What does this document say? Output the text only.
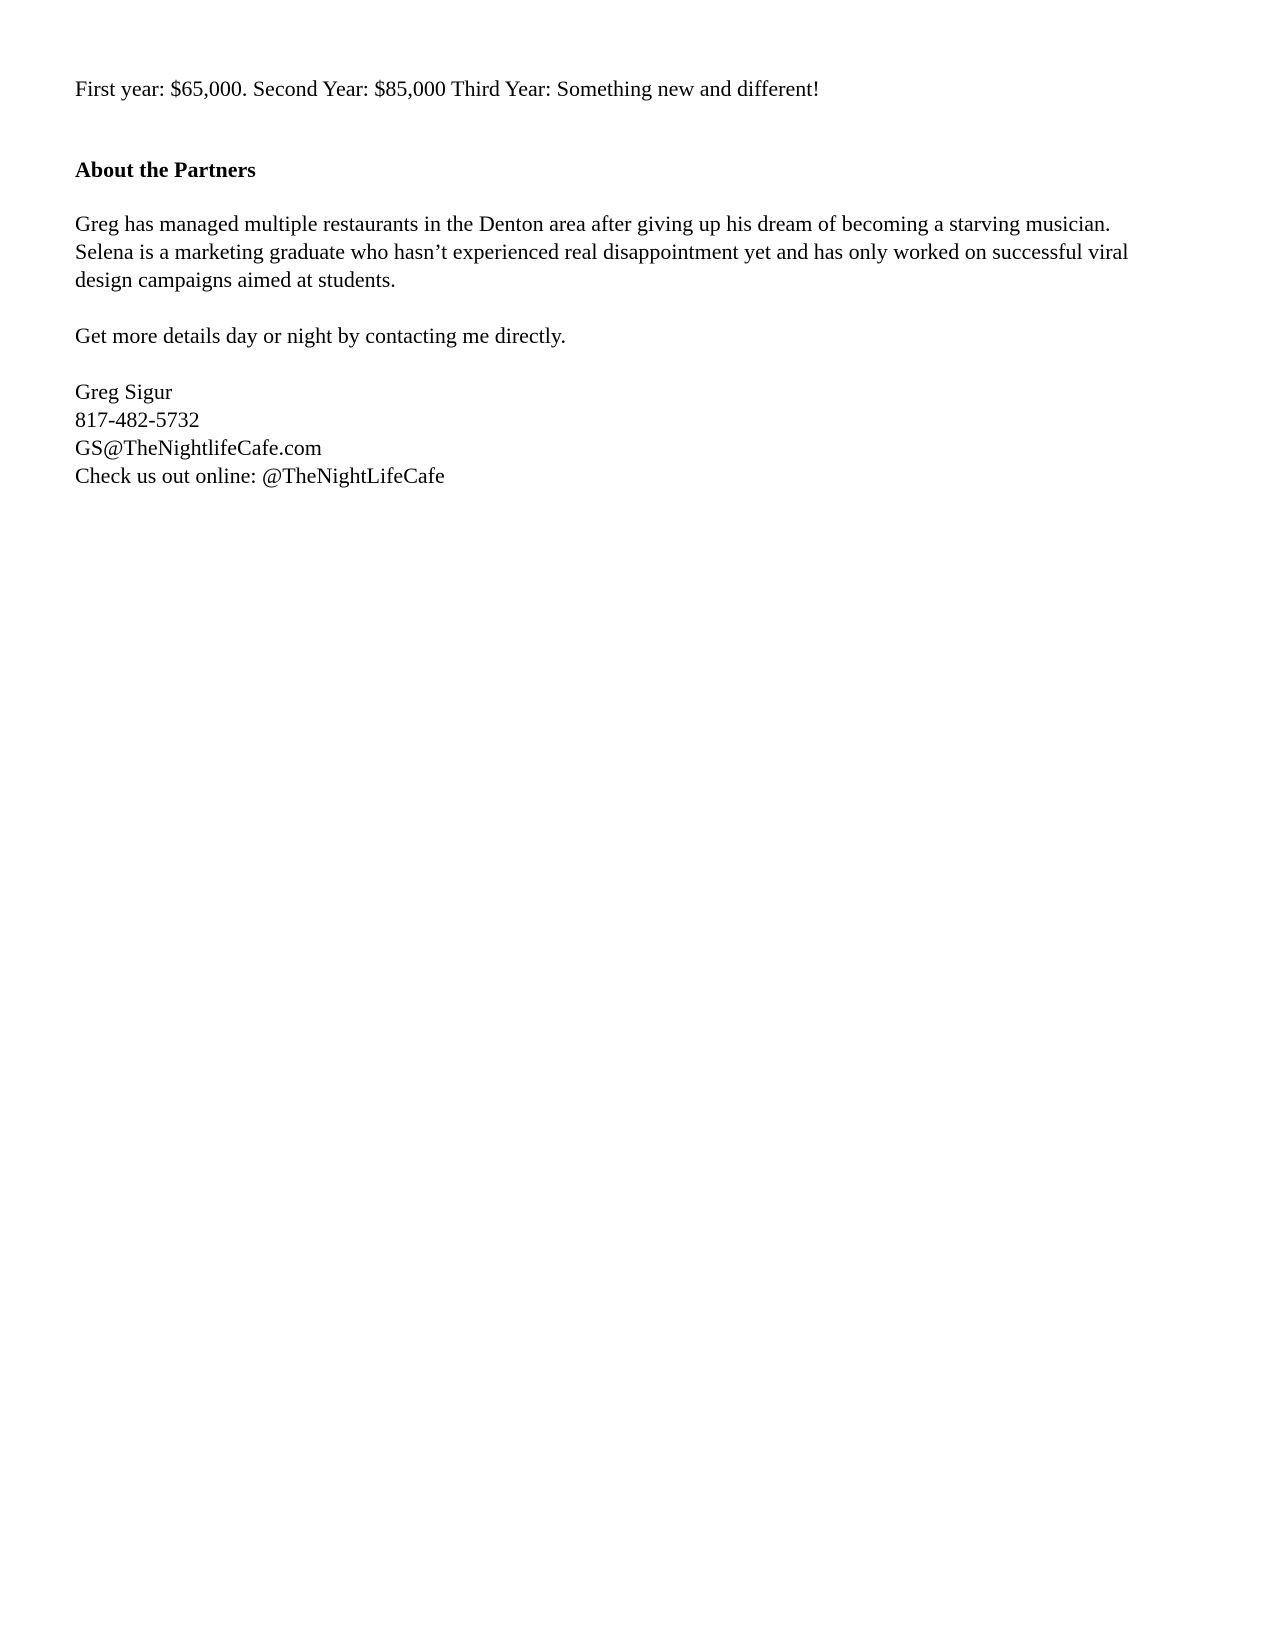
First year: $65,000. Second Year: $85,000 Third Year: Something new and different!

About the Partners

Greg has managed multiple restaurants in the Denton area after giving up his dream of becoming a starving musician.

Selena is a marketing graduate who hasn’t experienced real disappointment yet and has only worked on successful viral

design campaigns aimed at students.

Get more details day or night by contacting me directly.

Greg Sigur

817-482-5732

GS@TheNightlifeCafe.com

Check us out online: @TheNightLifeCafe
